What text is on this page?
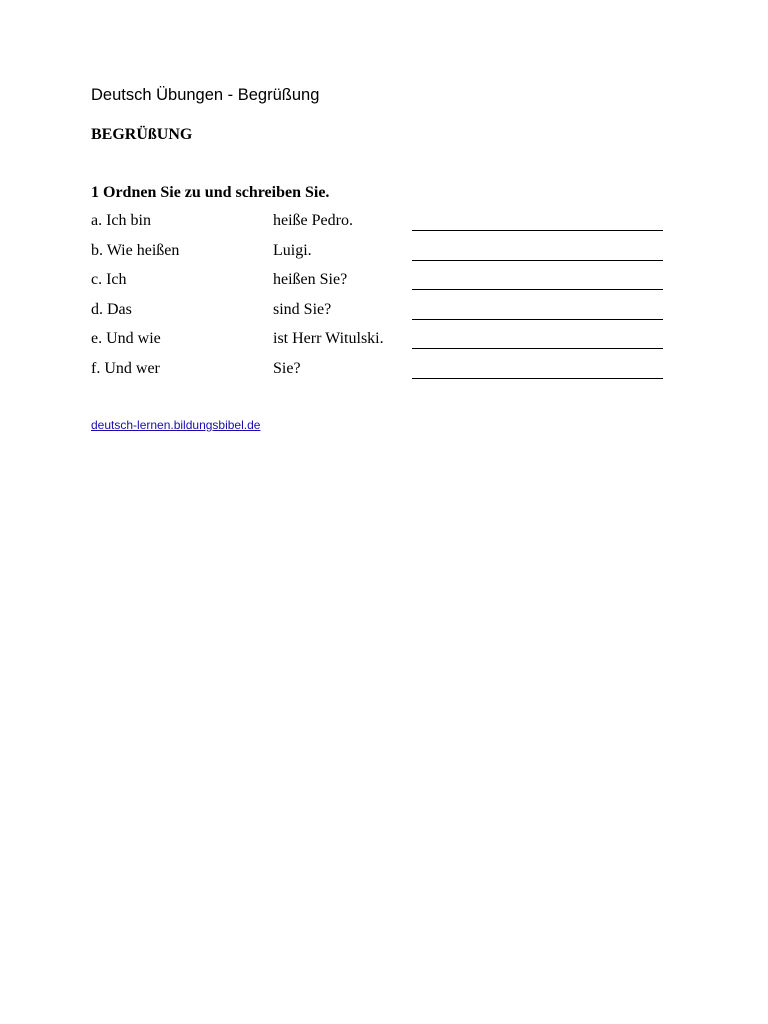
Deutsch Übungen - Begrüßung
BEGRÜßUNG
1 Ordnen Sie zu und schreiben Sie.
a. Ich bin	heiße Pedro.
b. Wie heißen	Luigi.
c. Ich	heißen Sie?
d. Das	sind Sie?
e. Und wie	ist Herr Witulski.
f. Und wer	Sie?
deutsch-lernen.bildungsbibel.de
